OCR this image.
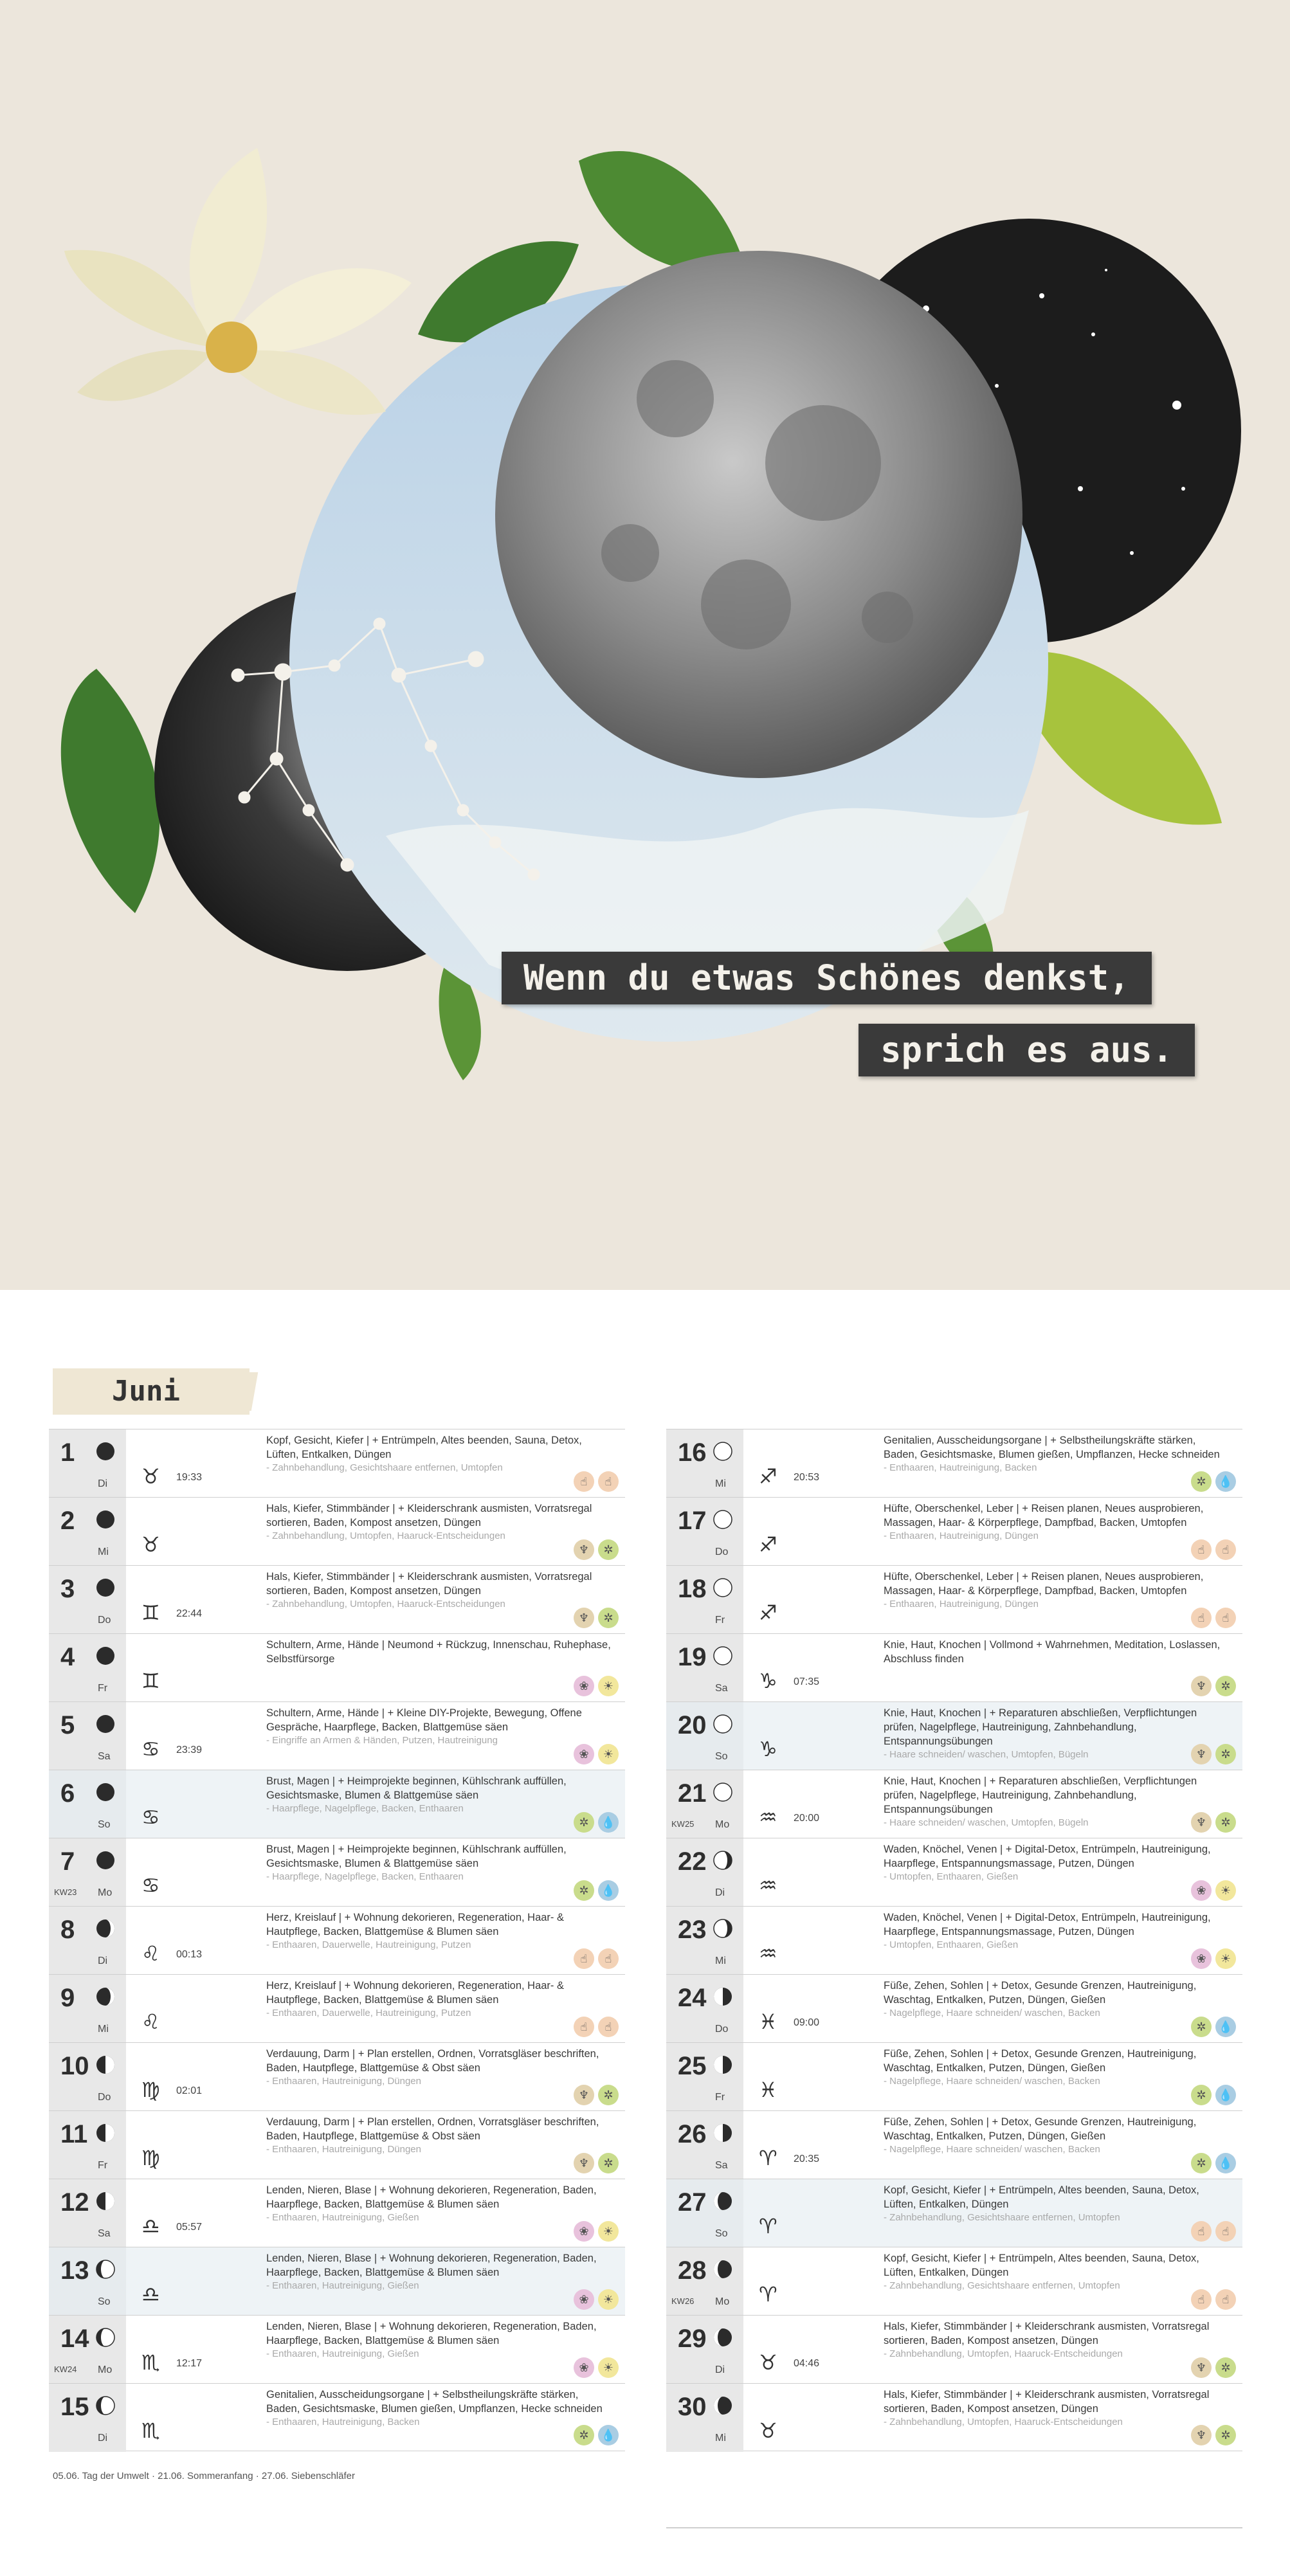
Wenn du etwas Schönes denkst,
sprich es aus.
Juni
1
Di ♉ 19:33
Kopf, Gesicht, Kiefer | + Entrümpeln, Altes beenden, Sauna, Detox, Lüften, Entkalken, Düngen
- Zahnbehandlung, Gesichtshaare entfernen, Umtopfen
☝	☝
2
Mi ♉
Hals, Kiefer, Stimmbänder | + Kleiderschrank ausmisten, Vorratsregal sortieren, Baden, Kompost ansetzen, Düngen
- Zahnbehandlung, Umtopfen, Haaruck-Entscheidungen
♆	✲
3
Do ♊ 22:44
Hals, Kiefer, Stimmbänder | + Kleiderschrank ausmisten, Vorratsregal sortieren, Baden, Kompost ansetzen, Düngen
- Zahnbehandlung, Umtopfen, Haaruck-Entscheidungen
♆	✲
4
Fr ♊
Schultern, Arme, Hände | Neumond + Rückzug, Innenschau, Ruhephase, Selbstfürsorge
❀	☀
5
Sa ♋ 23:39
Schultern, Arme, Hände | + Kleine DIY-Projekte, Bewegung, Offene Gespräche, Haarpflege, Backen, Blattgemüse säen
- Eingriffe an Armen & Händen, Putzen, Hautreinigung
❀	☀
6
So ♋
Brust, Magen | + Heimprojekte beginnen, Kühlschrank auffüllen, Gesichtsmaske, Blumen & Blattgemüse säen
- Haarpflege, Nagelpflege, Backen, Enthaaren
✲	💧
7
Mo
KW23	♋
Brust, Magen | + Heimprojekte beginnen, Kühlschrank auffüllen, Gesichtsmaske, Blumen & Blattgemüse säen
- Haarpflege, Nagelpflege, Backen, Enthaaren
✲	💧
8
Di ♌ 00:13
Herz, Kreislauf | + Wohnung dekorieren, Regeneration, Haar- & Hautpflege, Backen, Blattgemüse & Blumen säen
- Enthaaren, Dauerwelle, Hautreinigung, Putzen
☝	☝
9
Mi ♌
Herz, Kreislauf | + Wohnung dekorieren, Regeneration, Haar- & Hautpflege, Backen, Blattgemüse & Blumen säen
- Enthaaren, Dauerwelle, Hautreinigung, Putzen
☝	☝
10
Do ♍ 02:01
Verdauung, Darm | + Plan erstellen, Ordnen, Vorratsgläser beschriften, Baden, Hautpflege, Blattgemüse & Obst säen
- Enthaaren, Hautreinigung, Düngen
♆	✲
11
Fr ♍
Verdauung, Darm | + Plan erstellen, Ordnen, Vorratsgläser beschriften, Baden, Hautpflege, Blattgemüse & Obst säen
- Enthaaren, Hautreinigung, Düngen
♆	✲
12
Sa ♎ 05:57
Lenden, Nieren, Blase | + Wohnung dekorieren, Regeneration, Baden, Haarpflege, Backen, Blattgemüse & Blumen säen
- Enthaaren, Hautreinigung, Gießen
❀	☀
13
So ♎
Lenden, Nieren, Blase | + Wohnung dekorieren, Regeneration, Baden, Haarpflege, Backen, Blattgemüse & Blumen säen
- Enthaaren, Hautreinigung, Gießen
❀	☀
14
Mo
KW24	♏ 12:17
Lenden, Nieren, Blase | + Wohnung dekorieren, Regeneration, Baden, Haarpflege, Backen, Blattgemüse & Blumen säen
- Enthaaren, Hautreinigung, Gießen
❀	☀
15
Di ♏
Genitalien, Ausscheidungsorgane | + Selbstheilungskräfte stärken, Baden, Gesichtsmaske, Blumen gießen, Umpflanzen, Hecke schneiden
- Enthaaren, Hautreinigung, Backen
✲	💧
16
Mi ♐ 20:53
Genitalien, Ausscheidungsorgane | + Selbstheilungskräfte stärken, Baden, Gesichtsmaske, Blumen gießen, Umpflanzen, Hecke schneiden
- Enthaaren, Hautreinigung, Backen
✲	💧
17
Do ♐
Hüfte, Oberschenkel, Leber | + Reisen planen, Neues ausprobieren, Massagen, Haar- & Körperpflege, Dampfbad, Backen, Umtopfen
- Enthaaren, Hautreinigung, Düngen
☝	☝
18
Fr ♐
Hüfte, Oberschenkel, Leber | + Reisen planen, Neues ausprobieren, Massagen, Haar- & Körperpflege, Dampfbad, Backen, Umtopfen
- Enthaaren, Hautreinigung, Düngen
☝	☝
19
Sa ♑ 07:35
Knie, Haut, Knochen | Vollmond + Wahrnehmen, Meditation, Loslassen, Abschluss finden
♆	✲
20
So ♑
Knie, Haut, Knochen | + Reparaturen abschließen, Verpflichtungen prüfen, Nagelpflege, Hautreinigung, Zahnbehandlung, Entspannungsübungen
- Haare schneiden/ waschen, Umtopfen, Bügeln	♆	✲
21
Mo
KW25	♒ 20:00
Knie, Haut, Knochen | + Reparaturen abschließen, Verpflichtungen prüfen, Nagelpflege, Hautreinigung, Zahnbehandlung, Entspannungsübungen
- Haare schneiden/ waschen, Umtopfen, Bügeln	♆	✲
22
Di ♒
Waden, Knöchel, Venen | + Digital-Detox, Entrümpeln, Hautreinigung, Haarpflege, Entspannungsmassage, Putzen, Düngen
- Umtopfen, Enthaaren, Gießen
❀	☀
23
Mi ♒
Waden, Knöchel, Venen | + Digital-Detox, Entrümpeln, Hautreinigung, Haarpflege, Entspannungsmassage, Putzen, Düngen
- Umtopfen, Enthaaren, Gießen
❀	☀
24
Do ♓ 09:00
Füße, Zehen, Sohlen | + Detox, Gesunde Grenzen, Hautreinigung, Waschtag, Entkalken, Putzen, Düngen, Gießen
- Nagelpflege, Haare schneiden/ waschen, Backen
✲	💧
25
Fr ♓
Füße, Zehen, Sohlen | + Detox, Gesunde Grenzen, Hautreinigung, Waschtag, Entkalken, Putzen, Düngen, Gießen
- Nagelpflege, Haare schneiden/ waschen, Backen
✲	💧
26
Sa ♈ 20:35
Füße, Zehen, Sohlen | + Detox, Gesunde Grenzen, Hautreinigung, Waschtag, Entkalken, Putzen, Düngen, Gießen
- Nagelpflege, Haare schneiden/ waschen, Backen
✲	💧
27
So ♈
Kopf, Gesicht, Kiefer | + Entrümpeln, Altes beenden, Sauna, Detox, Lüften, Entkalken, Düngen
- Zahnbehandlung, Gesichtshaare entfernen, Umtopfen
☝	☝
28
Mo
KW26	♈
Kopf, Gesicht, Kiefer | + Entrümpeln, Altes beenden, Sauna, Detox, Lüften, Entkalken, Düngen
- Zahnbehandlung, Gesichtshaare entfernen, Umtopfen
☝	☝
29
Di ♉ 04:46
Hals, Kiefer, Stimmbänder | + Kleiderschrank ausmisten, Vorratsregal sortieren, Baden, Kompost ansetzen, Düngen
- Zahnbehandlung, Umtopfen, Haaruck-Entscheidungen
♆	✲
30
Mi ♉
Hals, Kiefer, Stimmbänder | + Kleiderschrank ausmisten, Vorratsregal sortieren, Baden, Kompost ansetzen, Düngen
- Zahnbehandlung, Umtopfen, Haaruck-Entscheidungen
♆	✲
05.06. Tag der Umwelt · 21.06. Sommeranfang · 27.06. Siebenschläfer
